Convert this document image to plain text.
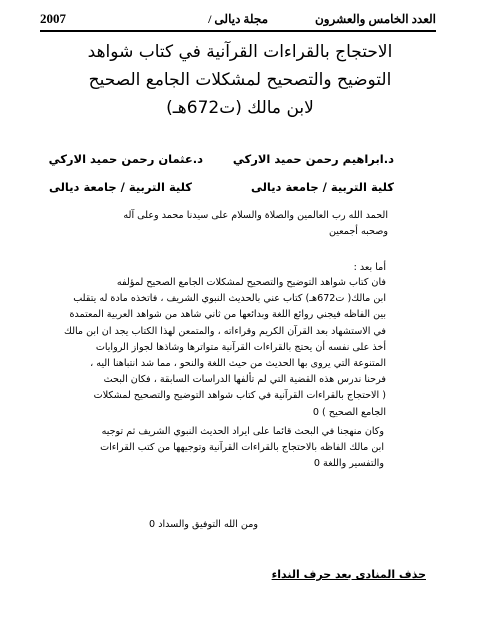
العدد الخامس والعشرون
مجلة ديالى /
2007
الاحتجاج بالقراءات القرآنية في كتاب شواهد
التوضيح والتصحيح لمشكلات الجامع الصحيح
لابن مالك (ت672هـ)
د.ابراهيم رحمن حميد الاركي
د.عثمان رحمن حميد الاركي
كلية التربية / جامعة ديالى
كلية التربية / جامعة ديالى
الحمد الله رب العالمين والصلاة والسلام على سيدنا محمد وعلى آله
وصحبه أجمعين
أما بعد :
فان كتاب شواهد التوضيح والتصحيح لمشكلات الجامع الصحيح لمؤلفه
ابن مالك( ت672هـ) كتاب عني بالحديث النبوي الشريف ، فاتخذه مادة له يتقلب
بين الفاظه فيجني روائع اللغة وبدائعها من ثاني شاهد من شواهد العربية المعتمدة
في الاستشهاد بعد القرآن الكريم وقراءاته ، والمتمعن لهذا الكتاب يجد ان ابن مالك
أخذ على نفسه أن يحتج بالقراءات القرآنية متواترها وشاذها لجواز الروايات
المتنوعة التي يروى بها الحديث من حيث اللغة والنحو ، مما شد انتباهنا اليه ،
فرحنا ندرس هذه القضية التي لم تألفها الدراسات السابقة ، فكان البحث
( الاحتجاج بالقراءات القرآنية في كتاب شواهد التوضيح والتصحيح لمشكلات
الجامع الصحيح ) 0
وكان منهجنا في البحث قائما على ايراد الحديث النبوي الشريف ثم توجيه
ابن مالك الفاظه بالاحتجاج بالقراءات القرآنية وتوجيهها من كتب القراءات
والتفسير واللغة 0
ومن الله التوفيق والسداد 0
حذف المنادى بعد حرف النداء
